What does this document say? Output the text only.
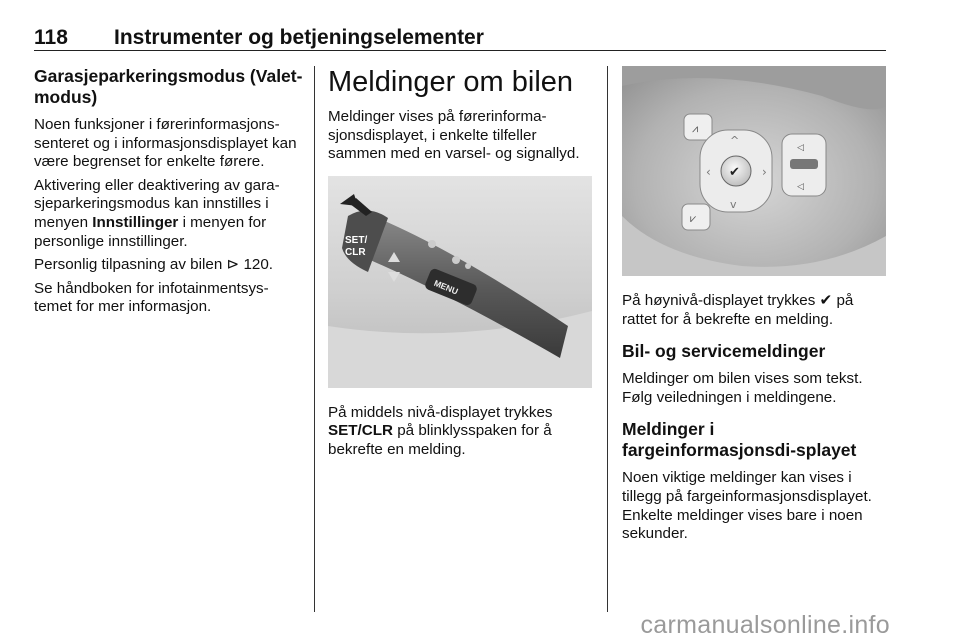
118 Instrumenter og betjeningselementer
Garasjeparkeringsmodus (Valet-modus)

Noen funksjoner i førerinformasjons-senteret og i informasjonsdisplayet kan være begrenset for enkelte førere.

Aktivering eller deaktivering av gara-sjeparkeringsmodus kan innstilles i menyen Innstillinger i menyen for personlige innstillinger.

Personlig tilpasning av bilen ⊳ 120.

Se håndboken for infotainmentsys-temet for mer informasjon.

Meldinger om bilen

Meldinger vises på førerinforma-sjonsdisplayet, i enkelte tilfeller sammen med en varsel- og signallyd.

SET/
CLR
MENU

På middels nivå-displayet trykkes SET/CLR på blinklysspaken for å bekrefte en melding.

⩘
⩗
^
v
‹	›
✔
◁
◁

På høynivå-displayet trykkes ✔ på rattet for å bekrefte en melding.

Bil- og servicemeldinger

Meldinger om bilen vises som tekst. Følg veiledningen i meldingene.

Meldinger i fargeinformasjonsdi-splayet

Noen viktige meldinger kan vises i tillegg på fargeinformasjonsdisplayet. Enkelte meldinger vises bare i noen sekunder.

carmanualsonline.info
